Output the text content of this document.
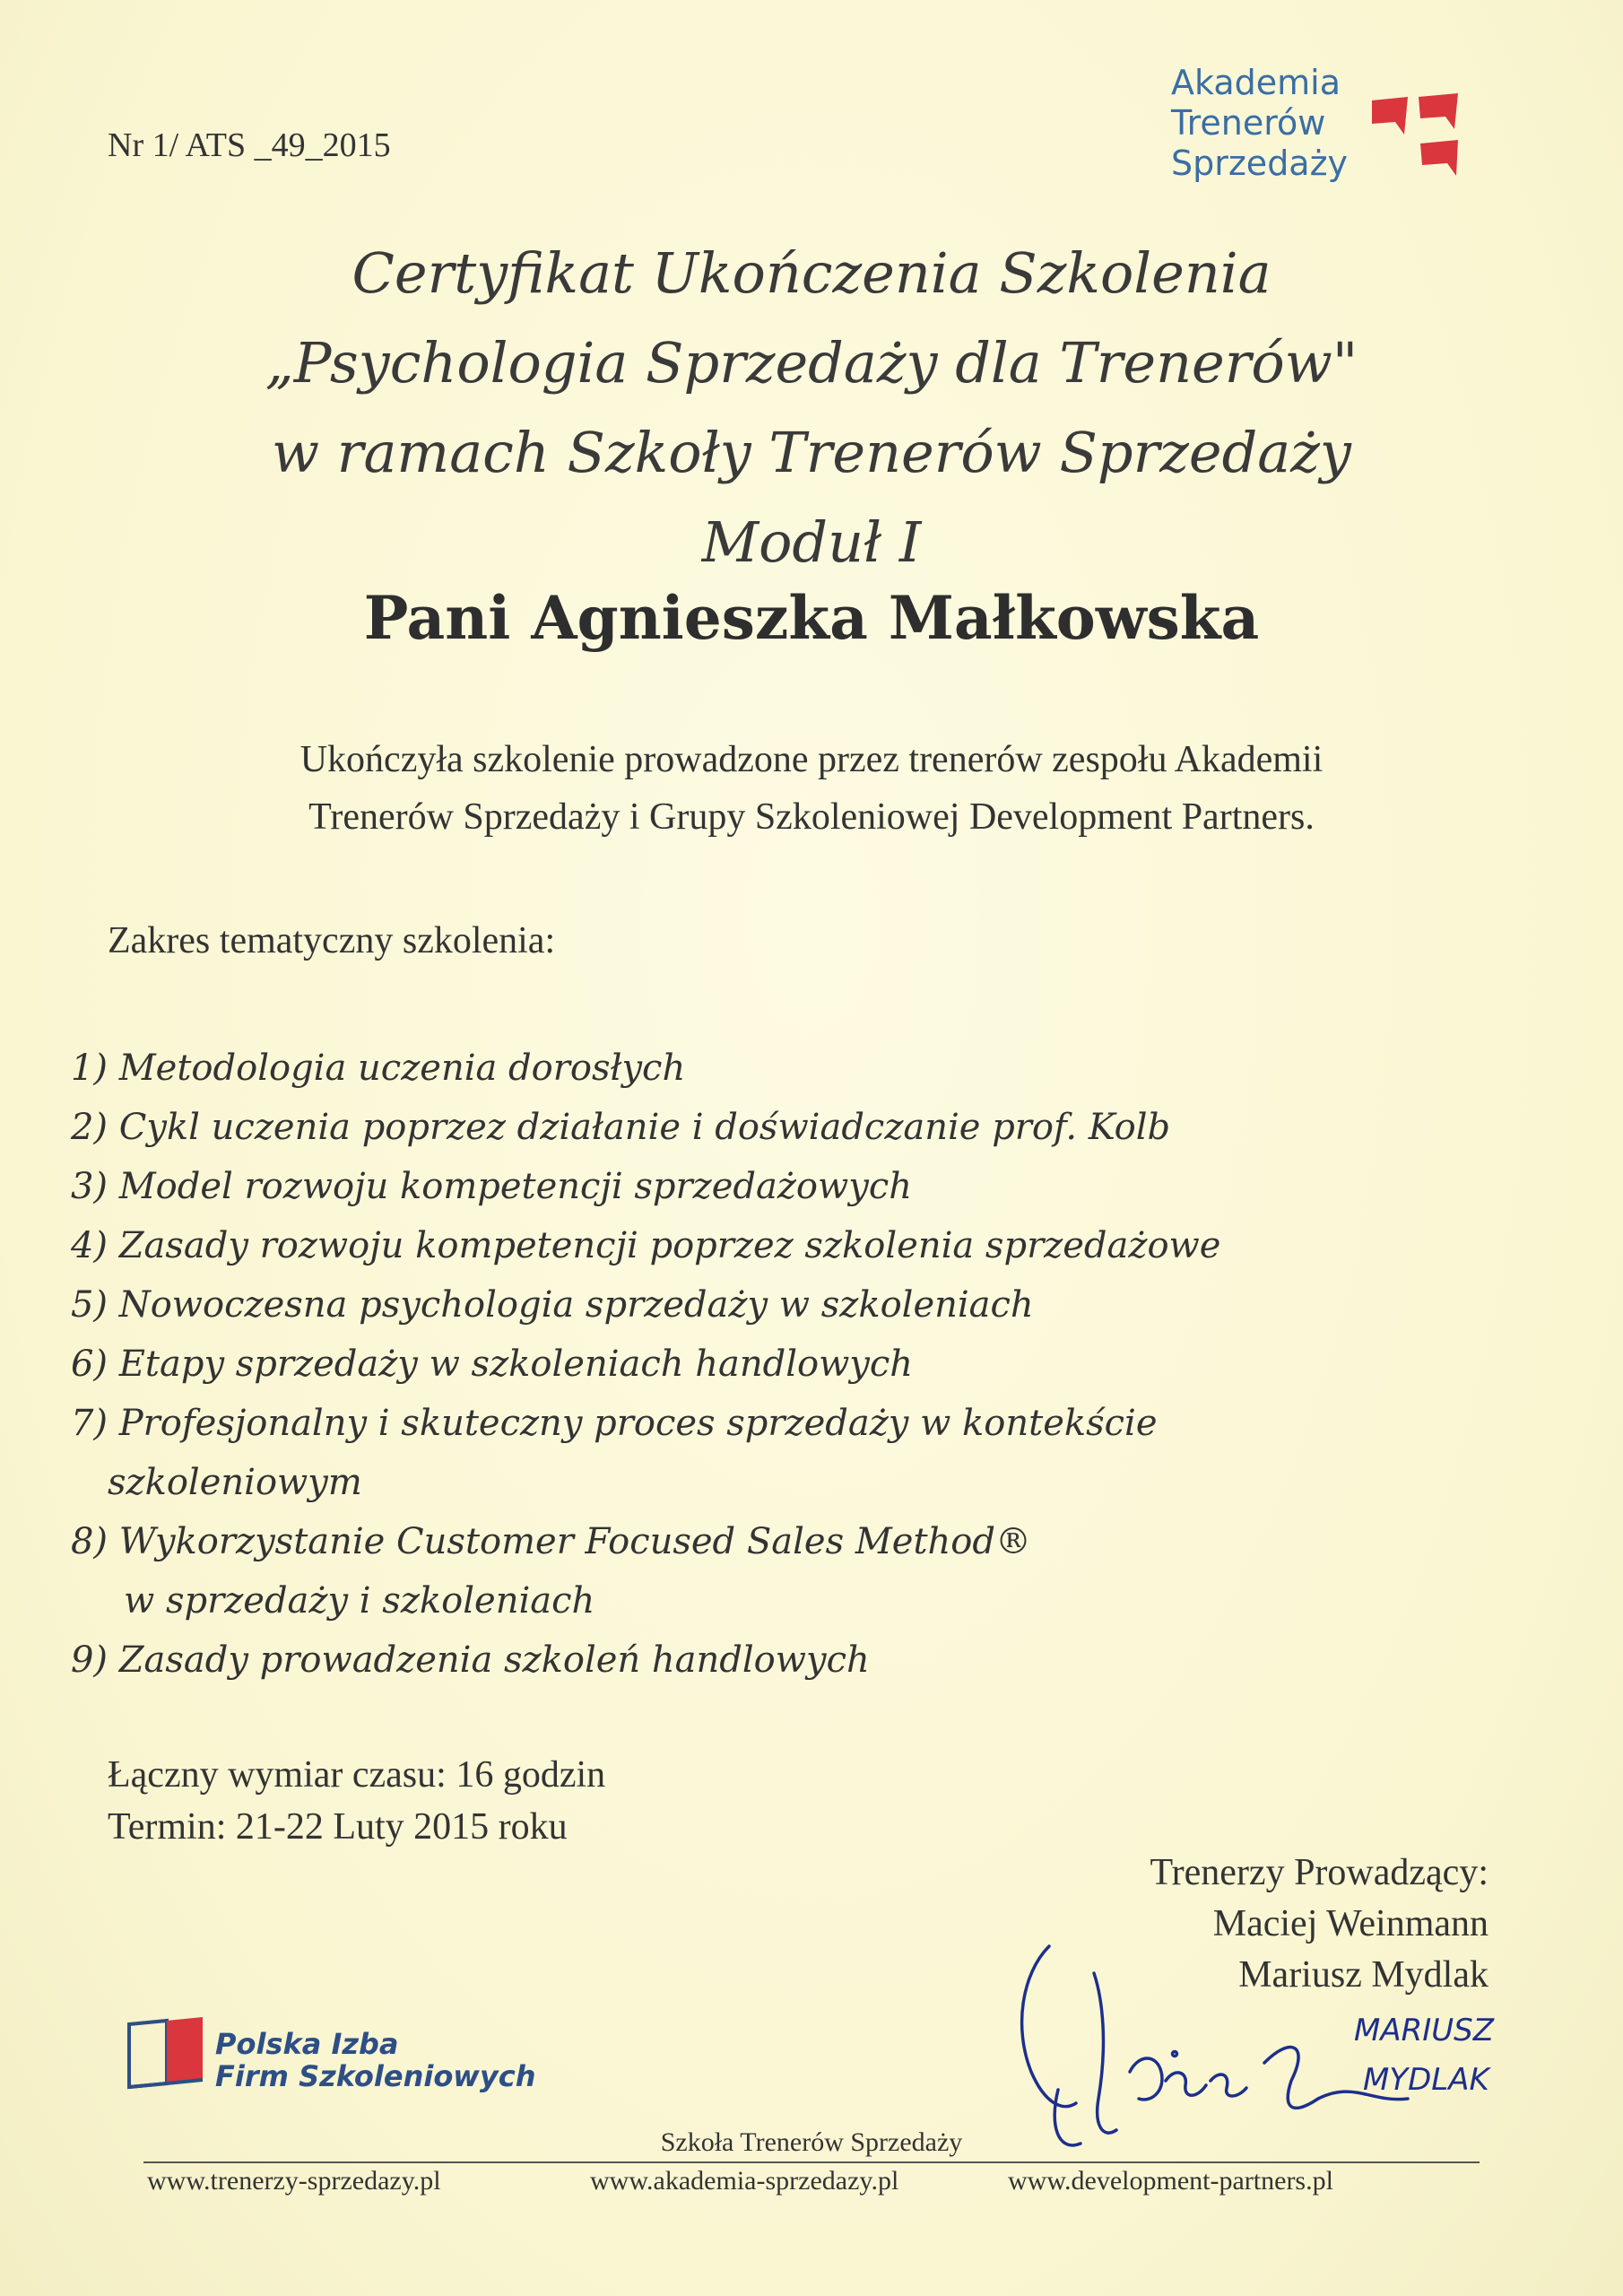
Nr 1/ ATS _49_2015
Akademia
Trenerów
Sprzedaży
Certyfikat Ukończenia Szkolenia
„Psychologia Sprzedaży dla Trenerów"
w ramach Szkoły Trenerów Sprzedaży
Moduł I
Pani Agnieszka Małkowska
Ukończyła szkolenie prowadzone przez trenerów zespołu Akademii
Trenerów Sprzedaży i Grupy Szkoleniowej Development Partners.
Zakres tematyczny szkolenia:
1) Metodologia uczenia dorosłych
2) Cykl uczenia poprzez działanie i doświadczanie prof. Kolb
3) Model rozwoju kompetencji sprzedażowych
4) Zasady rozwoju kompetencji poprzez szkolenia sprzedażowe
5) Nowoczesna psychologia sprzedaży w szkoleniach
6) Etapy sprzedaży w szkoleniach handlowych
7) Profesjonalny i skuteczny proces sprzedaży w kontekście
szkoleniowym
8) Wykorzystanie Customer Focused Sales Method®
w sprzedaży i szkoleniach
9) Zasady prowadzenia szkoleń handlowych
Łączny wymiar czasu: 16 godzin
Termin: 21-22 Luty 2015 roku
Trenerzy Prowadzący:
Maciej Weinmann
Mariusz Mydlak
Polska Izba
Firm Szkoleniowych
MARIUSZ
MYDLAK
Szkoła Trenerów Sprzedaży
www.trenerzy-sprzedazy.pl	www.akademia-sprzedazy.pl	www.development-partners.pl
